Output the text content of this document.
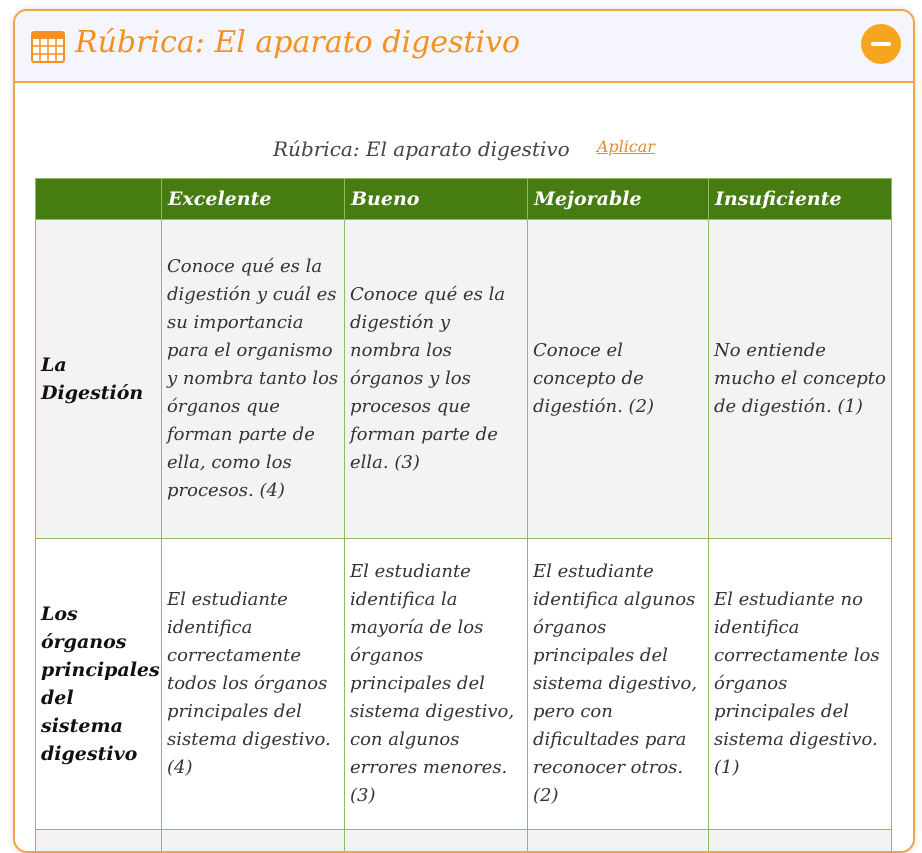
Rúbrica: El aparato digestivo
Rúbrica: El aparato digestivo Aplicar
	Excelente	Bueno	Mejorable	Insuficiente
La Digestión	Conoce qué es la digestión y cuál es su importancia para el organismo y nombra tanto los órganos que forman parte de ella, como los procesos. (4)	Conoce qué es la digestión y nombra los órganos y los procesos que forman parte de ella. (3)	Conoce el concepto de digestión. (2)	No entiende mucho el concepto de digestión. (1)
Los órganos principales del sistema digestivo	El estudiante identifica correctamente todos los órganos principales del sistema digestivo. (4)	El estudiante identifica la mayoría de los órganos principales del sistema digestivo, con algunos errores menores. (3)	El estudiante identifica algunos órganos principales del sistema digestivo, pero con dificultades para reconocer otros. (2)	El estudiante no identifica correctamente los órganos principales del sistema digestivo. (1)
